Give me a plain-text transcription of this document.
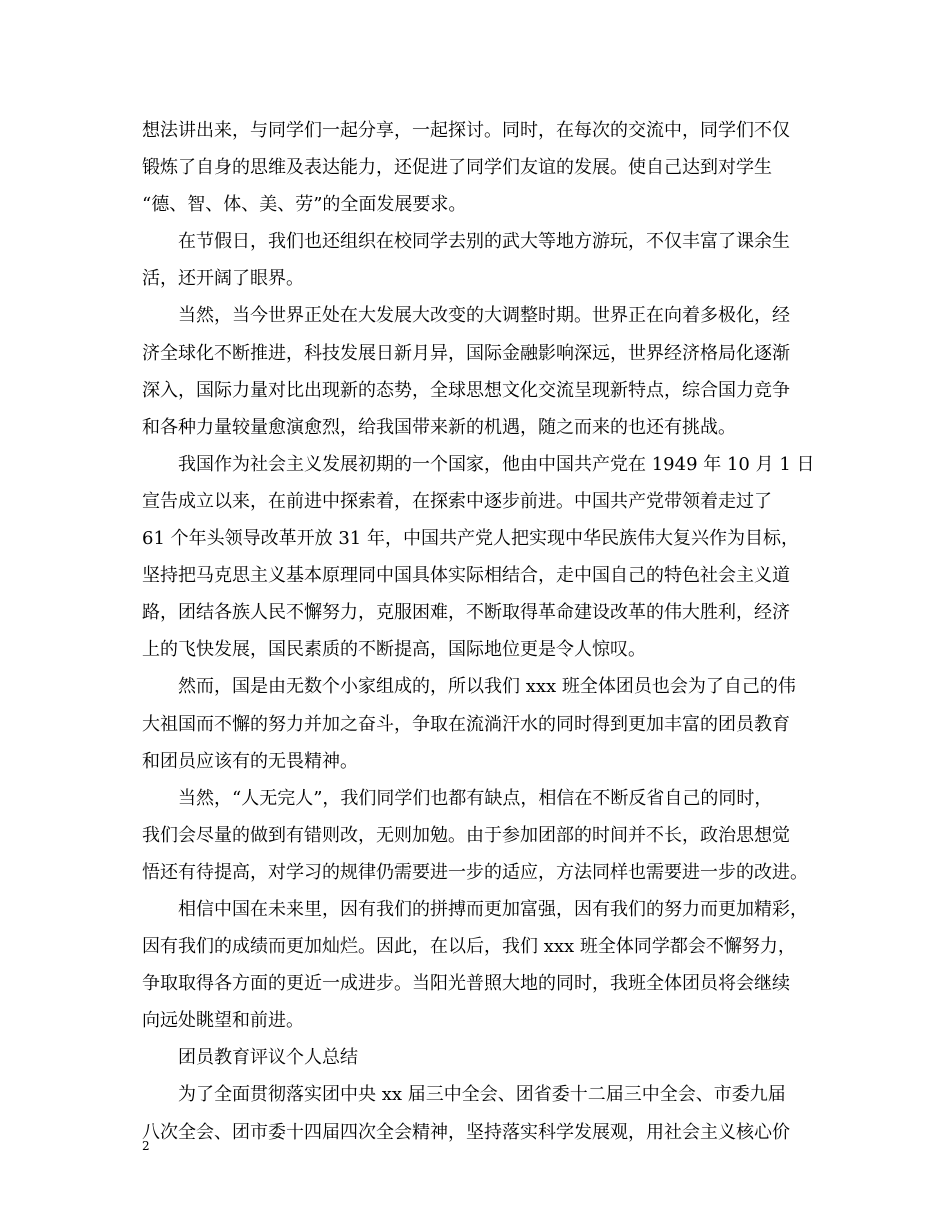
想法讲出来，与同学们一起分享，一起探讨。同时，在每次的交流中，同学们不仅
锻炼了自身的思维及表达能力，还促进了同学们友谊的发展。使自己达到对学生
“德、智、体、美、劳”的全面发展要求。
在节假日，我们也还组织在校同学去别的武大等地方游玩，不仅丰富了课余生
活，还开阔了眼界。
当然，当今世界正处在大发展大改变的大调整时期。世界正在向着多极化，经
济全球化不断推进，科技发展日新月异，国际金融影响深远，世界经济格局化逐渐
深入，国际力量对比出现新的态势，全球思想文化交流呈现新特点，综合国力竞争
和各种力量较量愈演愈烈，给我国带来新的机遇，随之而来的也还有挑战。
我国作为社会主义发展初期的一个国家，他由中国共产党在 1949 年 10 月 1 日
宣告成立以来，在前进中探索着，在探索中逐步前进。中国共产党带领着走过了
61 个年头领导改革开放 31 年，中国共产党人把实现中华民族伟大复兴作为目标，
坚持把马克思主义基本原理同中国具体实际相结合，走中国自己的特色社会主义道
路，团结各族人民不懈努力，克服困难，不断取得革命建设改革的伟大胜利，经济
上的飞快发展，国民素质的不断提高，国际地位更是令人惊叹。
然而，国是由无数个小家组成的，所以我们 xxx 班全体团员也会为了自己的伟
大祖国而不懈的努力并加之奋斗，争取在流淌汗水的同时得到更加丰富的团员教育
和团员应该有的无畏精神。
当然，“人无完人”，我们同学们也都有缺点，相信在不断反省自己的同时，
我们会尽量的做到有错则改，无则加勉。由于参加团部的时间并不长，政治思想觉
悟还有待提高，对学习的规律仍需要进一步的适应，方法同样也需要进一步的改进。
相信中国在未来里，因有我们的拼搏而更加富强，因有我们的努力而更加精彩，
因有我们的成绩而更加灿烂。因此，在以后，我们 xxx 班全体同学都会不懈努力，
争取取得各方面的更近一成进步。当阳光普照大地的同时，我班全体团员将会继续
向远处眺望和前进。
团员教育评议个人总结
为了全面贯彻落实团中央 xx 届三中全会、团省委十二届三中全会、市委九届
八次全会、团市委十四届四次全会精神，坚持落实科学发展观，用社会主义核心价
2
